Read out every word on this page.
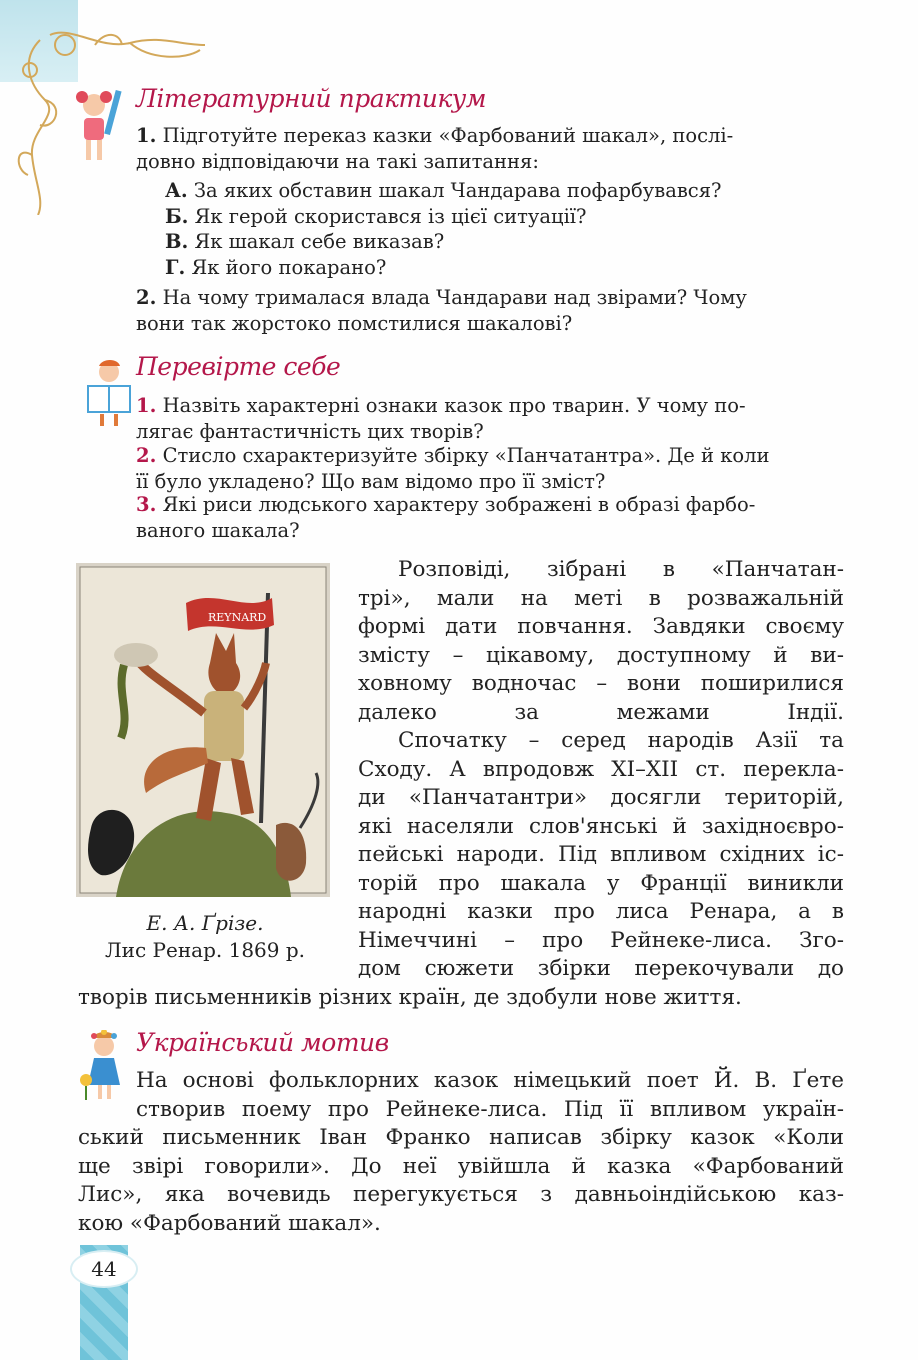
Літературний практикум

1. Підготуйте переказ казки «Фарбований шакал», послі-
довно відповідаючи на такі запитання:

А. За яких обставин шакал Чандарава пофарбувався?

Б. Як герой скористався із цієї ситуації?

В. Як шакал себе виказав?

Г. Як його покарано?

2. На чому трималася влада Чандарави над звірами? Чому
вони так жорстоко помстилися шакалові?

Перевірте себе

1. Назвіть характерні ознаки казок про тварин. У чому по-
лягає фантастичність цих творів?

2. Стисло схарактеризуйте збірку «Панчатантра». Де й коли
її було укладено? Що вам відомо про її зміст?

3. Які риси людського характеру зображені в образі фарбо-
ваного шакала?

REYNARD
Е. А. Ґрізе.
Лис Ренар. 1869 р.

Розповіді, зібрані в «Панчатан-
трі», мали на меті в розважальній
формі дати повчання. Завдяки своєму
змісту – цікавому, доступному й ви-
ховному водночас – вони поширилися
далеко за межами Індії.

Спочатку – серед народів Азії та
Сходу. А впродовж XI–XII ст. перекла-
ди «Панчатантри» досягли територій,
які населяли слов'янські й західноєвро-
пейські народи. Під впливом східних іс-
торій про шакала у Франції виникли
народні казки про лиса Ренара, а в
Німеччині – про Рейнеке-лиса. Зго-
дом сюжети збірки перекочували до

творів письменників різних країн, де здобули нове життя.

Український мотив

На основі фольклорних казок німецький поет Й. В. Ґете

створив поему про Рейнеке-лиса. Під її впливом україн-
ський письменник Іван Франко написав збірку казок «Коли
ще звірі говорили». До неї увійшла й казка «Фарбований
Лис», яка вочевидь перегукується з давньоіндійською каз-

кою «Фарбований шакал».

44
